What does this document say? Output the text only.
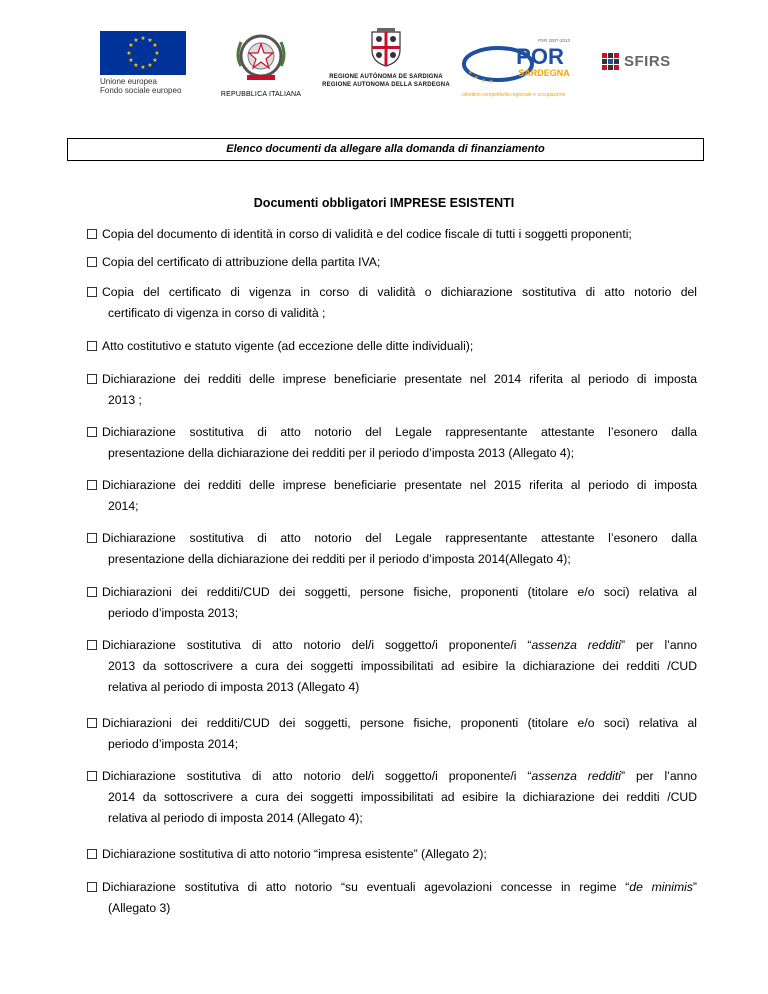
★ ★
★
★
★
★
★
★
★
★
★
★
Unione europea
Fondo sociale europeo	REPUBBLICA ITALIANA
REGIONE AUTÒNOMA DE SARDIGNA
REGIONE AUTONOMA DELLA SARDEGNA
PSR 2007-2013
★
★ ★ ★
POR
SARDEGNA
obiettivo competitività regionale e occupazione
SFIRS
Elenco documenti da allegare alla domanda di finanziamento
Documenti obbligatori IMPRESE ESISTENTI
Copia del documento di identità in corso di validità e del codice fiscale di tutti i soggetti proponenti;
Copia del certificato di attribuzione della partita IVA;
Copia del certificato di vigenza in corso di validità o dichiarazione sostitutiva di atto notorio del
certificato di vigenza in corso di validità ;
Atto costitutivo e statuto vigente (ad eccezione delle ditte individuali);
Dichiarazione dei redditi delle imprese beneficiarie presentate nel 2014 riferita al periodo di imposta
2013 ;
Dichiarazione sostitutiva di atto notorio del Legale rappresentante attestante l’esonero dalla
presentazione della dichiarazione dei redditi per il periodo d’imposta 2013 (Allegato 4);
Dichiarazione dei redditi delle imprese beneficiarie presentate nel 2015 riferita al periodo di imposta
2014;
Dichiarazione sostitutiva di atto notorio del Legale rappresentante attestante l’esonero dalla
presentazione della dichiarazione dei redditi per il periodo d’imposta 2014(Allegato 4);
Dichiarazioni dei redditi/CUD dei soggetti, persone fisiche, proponenti (titolare e/o soci) relativa al
periodo d’imposta 2013;
Dichiarazione sostitutiva di atto notorio del/i soggetto/i proponente/i “assenza redditi” per l’anno
2013 da sottoscrivere a cura dei soggetti impossibilitati ad esibire la dichiarazione dei redditi /CUD
relativa al periodo di imposta 2013 (Allegato 4)
Dichiarazioni dei redditi/CUD dei soggetti, persone fisiche, proponenti (titolare e/o soci) relativa al
periodo d’imposta 2014;
Dichiarazione sostitutiva di atto notorio del/i soggetto/i proponente/i “assenza redditi” per l’anno
2014 da sottoscrivere a cura dei soggetti impossibilitati ad esibire la dichiarazione dei redditi /CUD
relativa al periodo di imposta 2014 (Allegato 4);
Dichiarazione sostitutiva di atto notorio “impresa esistente” (Allegato 2);
Dichiarazione sostitutiva di atto notorio “su eventuali agevolazioni concesse in regime “de minimis”
(Allegato 3)
